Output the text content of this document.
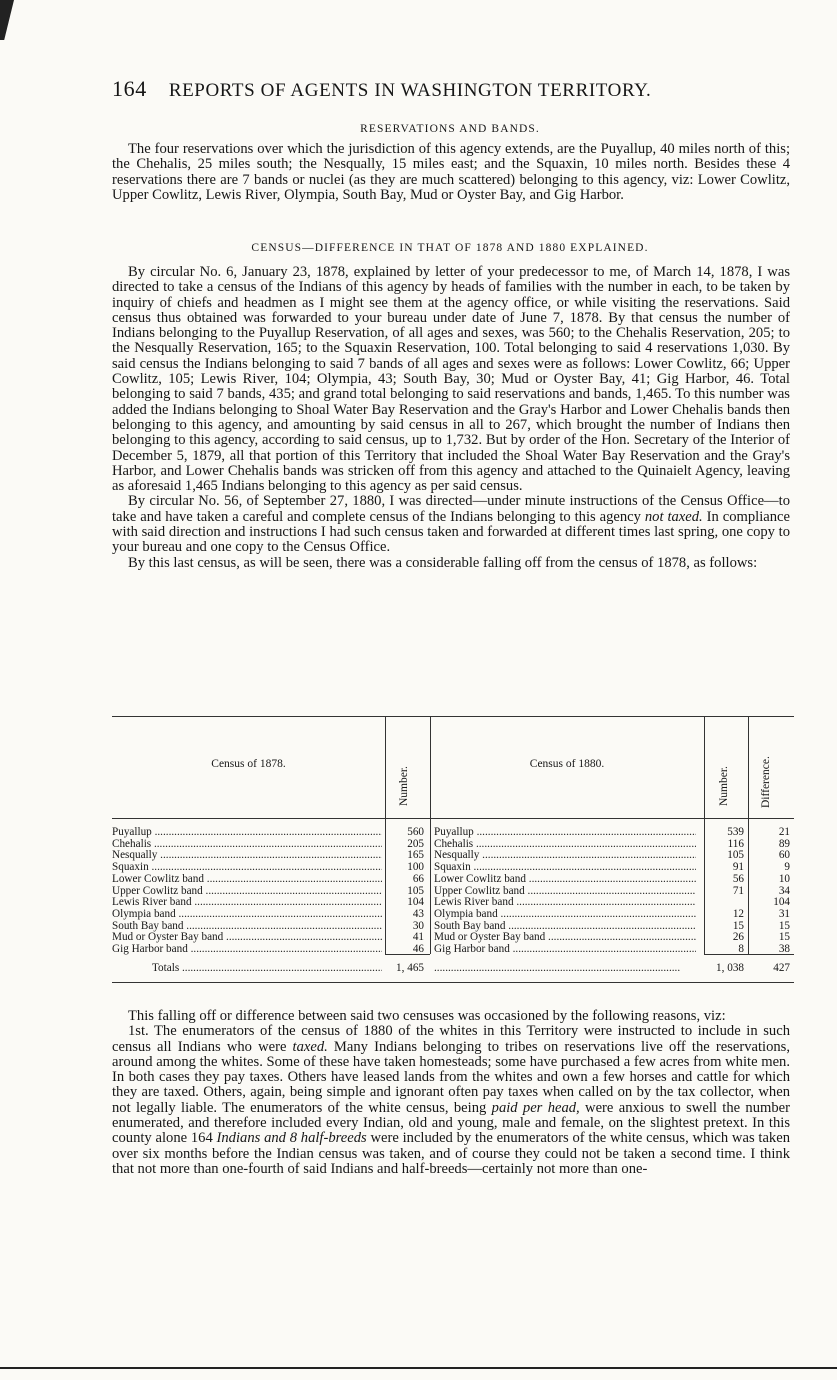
164 REPORTS OF AGENTS IN WASHINGTON TERRITORY.
RESERVATIONS AND BANDS.

The four reservations over which the jurisdiction of this agency extends, are the Puyallup, 40 miles north of this; the Chehalis, 25 miles south; the Nesqually, 15 miles east; and the Squaxin, 10 miles north. Besides these 4 reservations there are 7 bands or nuclei (as they are much scattered) belonging to this agency, viz: Lower Cowlitz, Upper Cowlitz, Lewis River, Olympia, South Bay, Mud or Oyster Bay, and Gig Harbor.

CENSUS—DIFFERENCE IN THAT OF 1878 AND 1880 EXPLAINED.

By circular No. 6, January 23, 1878, explained by letter of your predecessor to me, of March 14, 1878, I was directed to take a census of the Indians of this agency by heads of families with the number in each, to be taken by inquiry of chiefs and headmen as I might see them at the agency office, or while visiting the reservations. Said census thus obtained was forwarded to your bureau under date of June 7, 1878. By that census the number of Indians belonging to the Puyallup Reservation, of all ages and sexes, was 560; to the Chehalis Reservation, 205; to the Nesqually Reservation, 165; to the Squaxin Reservation, 100. Total belonging to said 4 reservations 1,030. By said census the Indians belonging to said 7 bands of all ages and sexes were as follows: Lower Cowlitz, 66; Upper Cowlitz, 105; Lewis River, 104; Olympia, 43; South Bay, 30; Mud or Oyster Bay, 41; Gig Harbor, 46. Total belonging to said 7 bands, 435; and grand total belonging to said reservations and bands, 1,465. To this number was added the Indians belonging to Shoal Water Bay Reservation and the Gray's Harbor and Lower Chehalis bands then belonging to this agency, and amounting by said census in all to 267, which brought the number of Indians then belonging to this agency, according to said census, up to 1,732. But by order of the Hon. Secretary of the Interior of December 5, 1879, all that portion of this Territory that included the Shoal Water Bay Reservation and the Gray's Harbor, and Lower Chehalis bands was stricken off from this agency and attached to the Quinaielt Agency, leaving as aforesaid 1,465 Indians belonging to this agency as per said census.

By circular No. 56, of September 27, 1880, I was directed—under minute instructions of the Census Office—to take and have taken a careful and complete census of the Indians belonging to this agency not taxed. In compliance with said direction and instructions I had such census taken and forwarded at different times last spring, one copy to your bureau and one copy to the Census Office.

By this last census, as will be seen, there was a considerable falling off from the census of 1878, as follows:

Census of 1878.
Number.
Census of 1880.
Number.	Difference.
Puyallup .....	560 Puyallup .....	539	21
Chehalis .....	205 Chehalis .....	116	89
Nesqually .....	165 Nesqually .....	105	60
Squaxin .....	100 Squaxin .....	91	9
Lower Cowlitz band .....	66 Lower Cowlitz band .....	56	10
Upper Cowlitz band .....	105 Upper Cowlitz band .....	71	34
Lewis River band .....	104 Lewis River band .....	104
Olympia band .....	43 Olympia band .....	12	31
South Bay band .....	30 South Bay band .....	15	15
Mud or Oyster Bay band .....	41 Mud or Oyster Bay band .....	26	15
Gig Harbor band .....	46 Gig Harbor band .....	8	38
Totals .....	1, 465
.....	1, 038	427

This falling off or difference between said two censuses was occasioned by the following reasons, viz:

1st. The enumerators of the census of 1880 of the whites in this Territory were instructed to include in such census all Indians who were taxed. Many Indians belonging to tribes on reservations live off the reservations, around among the whites. Some of these have taken homesteads; some have purchased a few acres from white men. In both cases they pay taxes. Others have leased lands from the whites and own a few horses and cattle for which they are taxed. Others, again, being simple and ignorant often pay taxes when called on by the tax collector, when not legally liable. The enumerators of the white census, being paid per head, were anxious to swell the number enumerated, and therefore included every Indian, old and young, male and female, on the slightest pretext. In this county alone 164 Indians and 8 half-breeds were included by the enumerators of the white census, which was taken over six months before the Indian census was taken, and of course they could not be taken a second time. I think that not more than one-fourth of said Indians and half-breeds—certainly not more than one-
